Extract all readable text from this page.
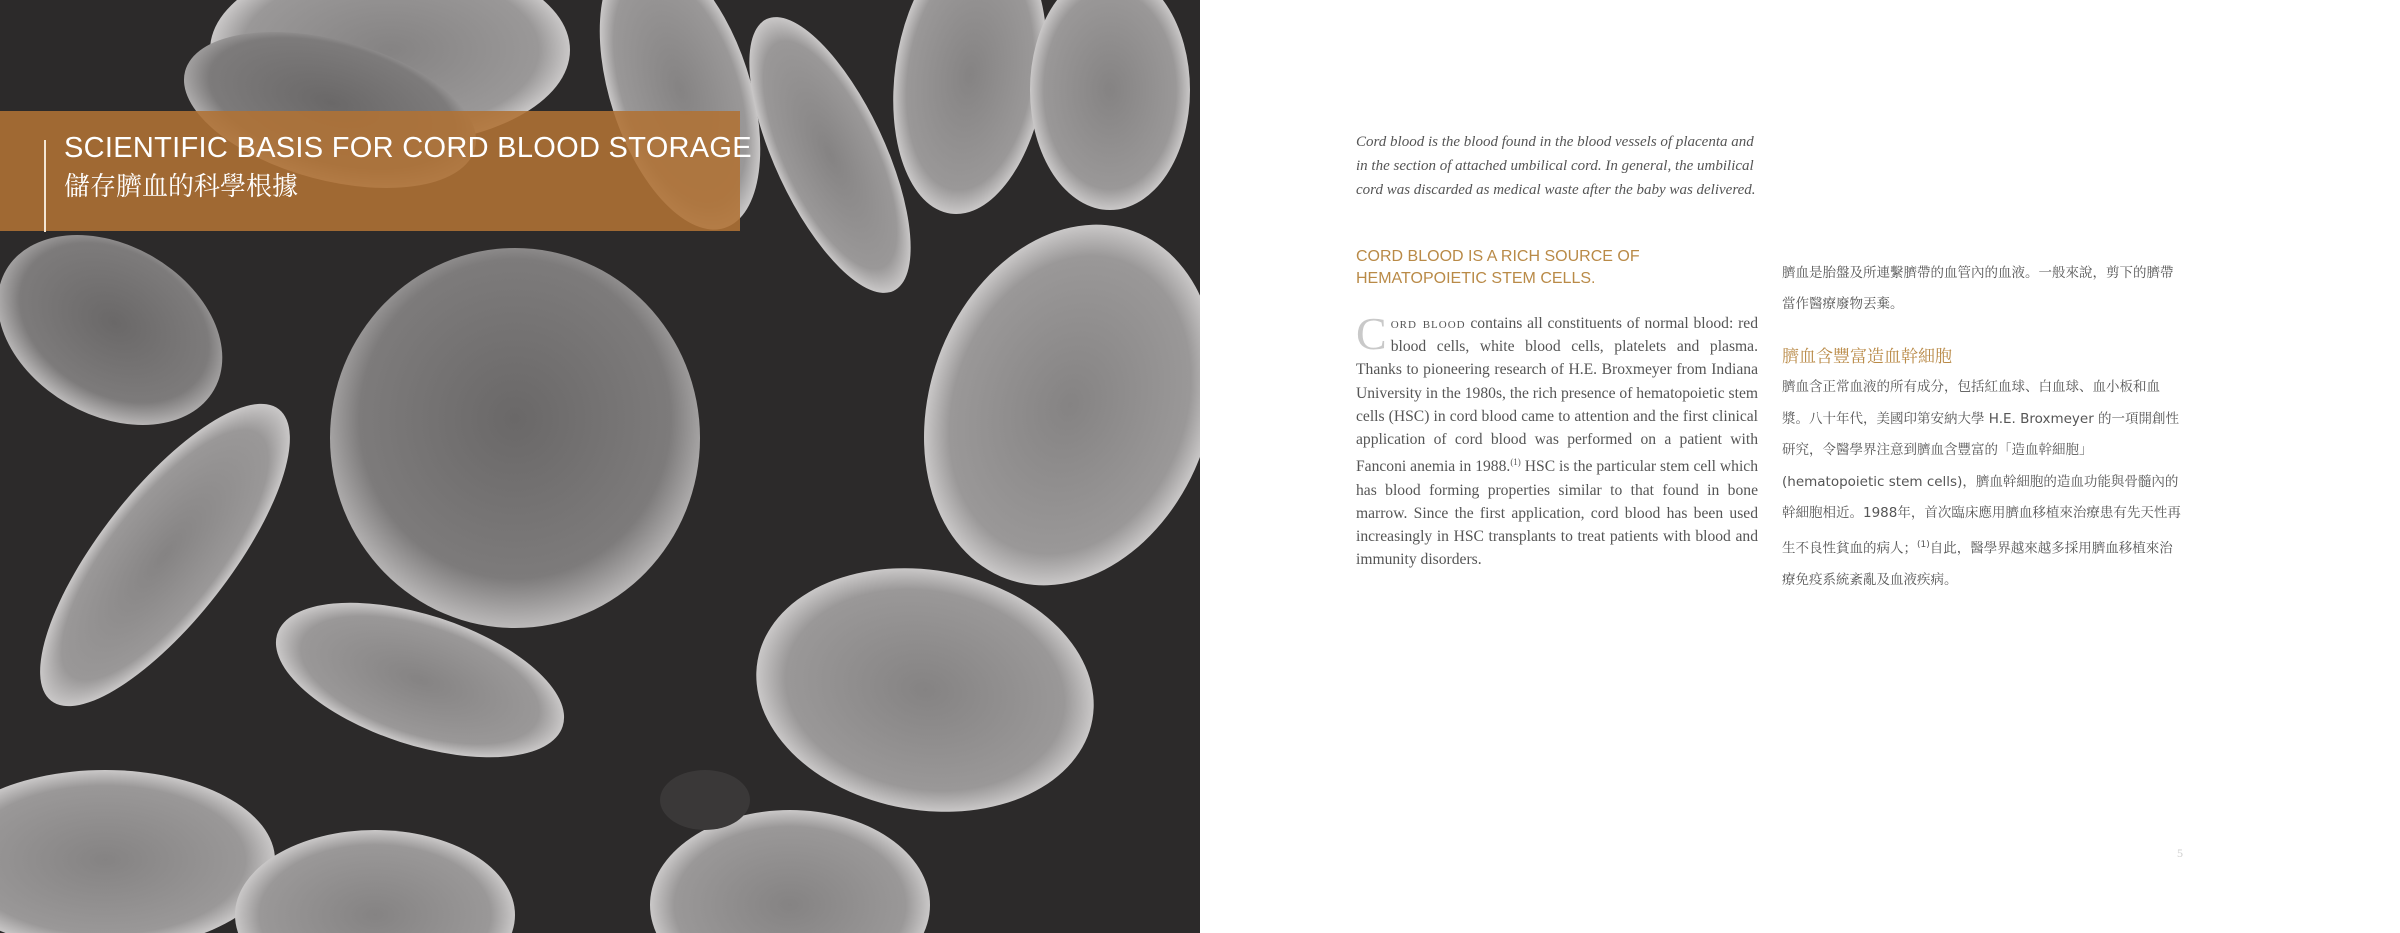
SCIENTIFIC BASIS FOR CORD BLOOD STORAGE
儲存臍血的科學根據
Cord blood is the blood found in the blood vessels of placenta and in the section of attached umbilical cord. In general, the umbilical cord was discarded as medical waste after the baby was delivered.
CORD BLOOD IS A RICH SOURCE OF HEMATOPOIETIC STEM CELLS.
Cord blood contains all constituents of normal blood: red blood cells, white blood cells, platelets and plasma. Thanks to pioneering research of H.E. Broxmeyer from Indiana University in the 1980s, the rich presence of hematopoietic stem cells (HSC) in cord blood came to attention and the first clinical application of cord blood was performed on a patient with Fanconi anemia in 1988.$^{(1)}$ HSC is the particular stem cell which has blood forming properties similar to that found in bone marrow. Since the first application, cord blood has been used increasingly in HSC transplants to treat patients with blood and immunity disorders.
臍血是胎盤及所連繫臍帶的血管內的血液。一般來說，剪下的臍帶當作醫療廢物丟棄。
臍血含豐富造血幹細胞
臍血含正常血液的所有成分，包括紅血球、白血球、血小板和血漿。八十年代，美國印第安納大學 H.E. Broxmeyer 的一項開創性研究，令醫學界注意到臍血含豐富的「造血幹細胞」(hematopoietic stem cells)，臍血幹細胞的造血功能與骨髓內的幹細胞相近。1988年，首次臨床應用臍血移植來治療患有先天性再生不良性貧血的病人；$^{(1)}$自此，醫學界越來越多採用臍血移植來治療免疫系統紊亂及血液疾病。
5
